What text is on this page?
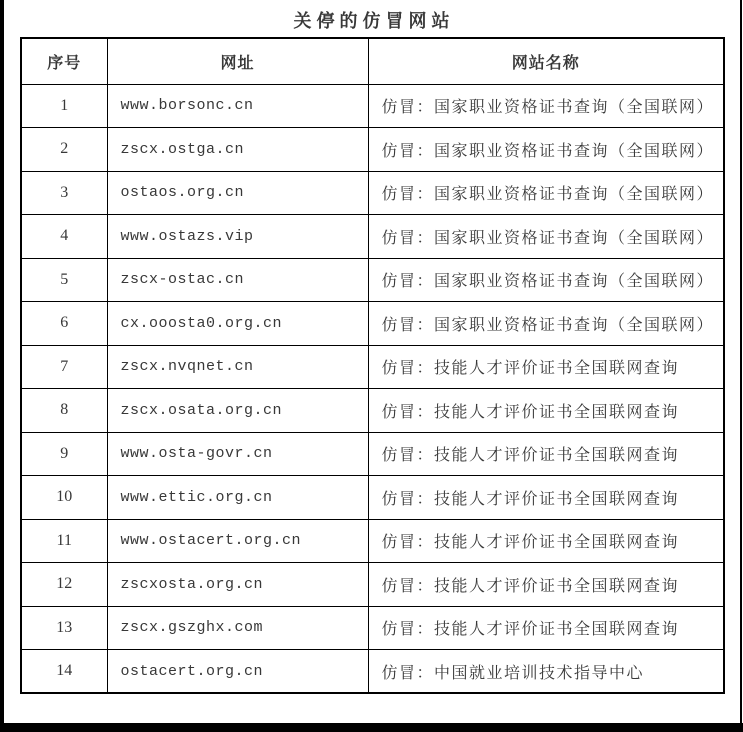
关停的仿冒网站
序号	网址	网站名称
1	www.borsonc.cn	仿冒：国家职业资格证书查询（全国联网）
2	zscx.ostga.cn	仿冒：国家职业资格证书查询（全国联网）
3	ostaos.org.cn	仿冒：国家职业资格证书查询（全国联网）
4	www.ostazs.vip	仿冒：国家职业资格证书查询（全国联网）
5	zscx-ostac.cn	仿冒：国家职业资格证书查询（全国联网）
6	cx.ooosta0.org.cn	仿冒：国家职业资格证书查询（全国联网）
7	zscx.nvqnet.cn	仿冒：技能人才评价证书全国联网查询
8	zscx.osata.org.cn	仿冒：技能人才评价证书全国联网查询
9	www.osta-govr.cn	仿冒：技能人才评价证书全国联网查询
10	www.ettic.org.cn	仿冒：技能人才评价证书全国联网查询
11	www.ostacert.org.cn	仿冒：技能人才评价证书全国联网查询
12	zscxosta.org.cn	仿冒：技能人才评价证书全国联网查询
13	zscx.gszghx.com	仿冒：技能人才评价证书全国联网查询
14	ostacert.org.cn	仿冒：中国就业培训技术指导中心
